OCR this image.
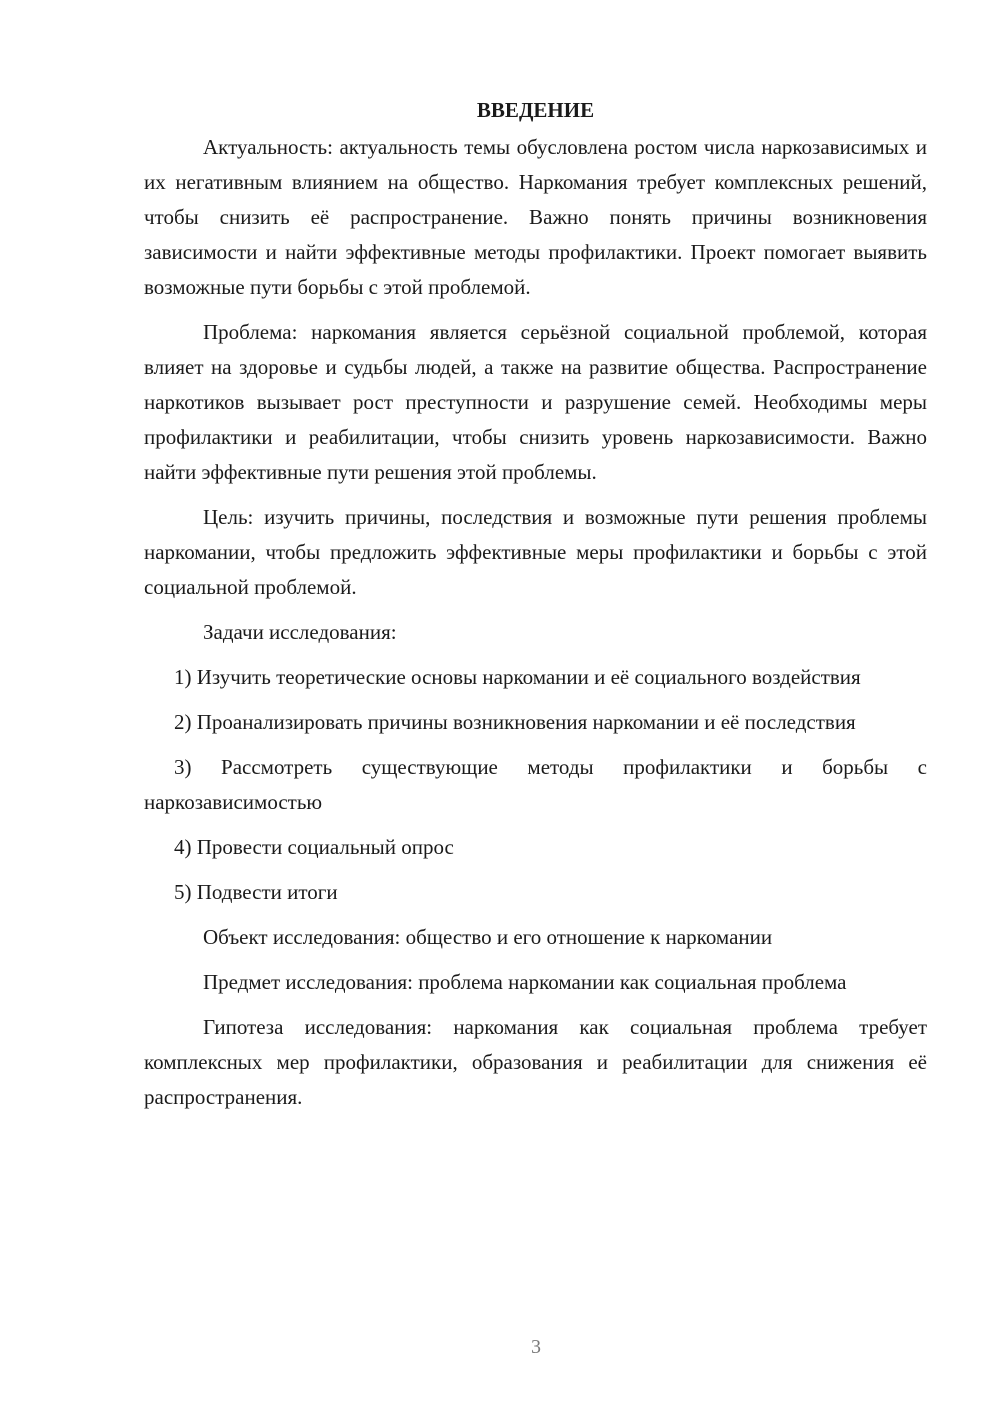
ВВЕДЕНИЕ

Актуальность: актуальность темы обусловлена ростом числа наркозависимых и их негативным влиянием на общество. Наркомания требует комплексных решений, чтобы снизить её распространение. Важно понять причины возникновения зависимости и найти эффективные методы профилактики. Проект помогает выявить возможные пути борьбы с этой проблемой.

Проблема: наркомания является серьёзной социальной проблемой, которая влияет на здоровье и судьбы людей, а также на развитие общества. Распространение наркотиков вызывает рост преступности и разрушение семей. Необходимы меры профилактики и реабилитации, чтобы снизить уровень наркозависимости. Важно найти эффективные пути решения этой проблемы.

Цель: изучить причины, последствия и возможные пути решения проблемы наркомании, чтобы предложить эффективные меры профилактики и борьбы с этой социальной проблемой.

Задачи исследования:

1) Изучить теоретические основы наркомании и её социального воздействия

2) Проанализировать причины возникновения наркомании и её последствия

3) Рассмотреть существующие методы профилактики и борьбы с наркозависимостью

4) Провести социальный опрос

5) Подвести итоги

Объект исследования: общество и его отношение к наркомании

Предмет исследования: проблема наркомании как социальная проблема

Гипотеза исследования: наркомания как социальная проблема требует комплексных мер профилактики, образования и реабилитации для снижения её распространения.

3
